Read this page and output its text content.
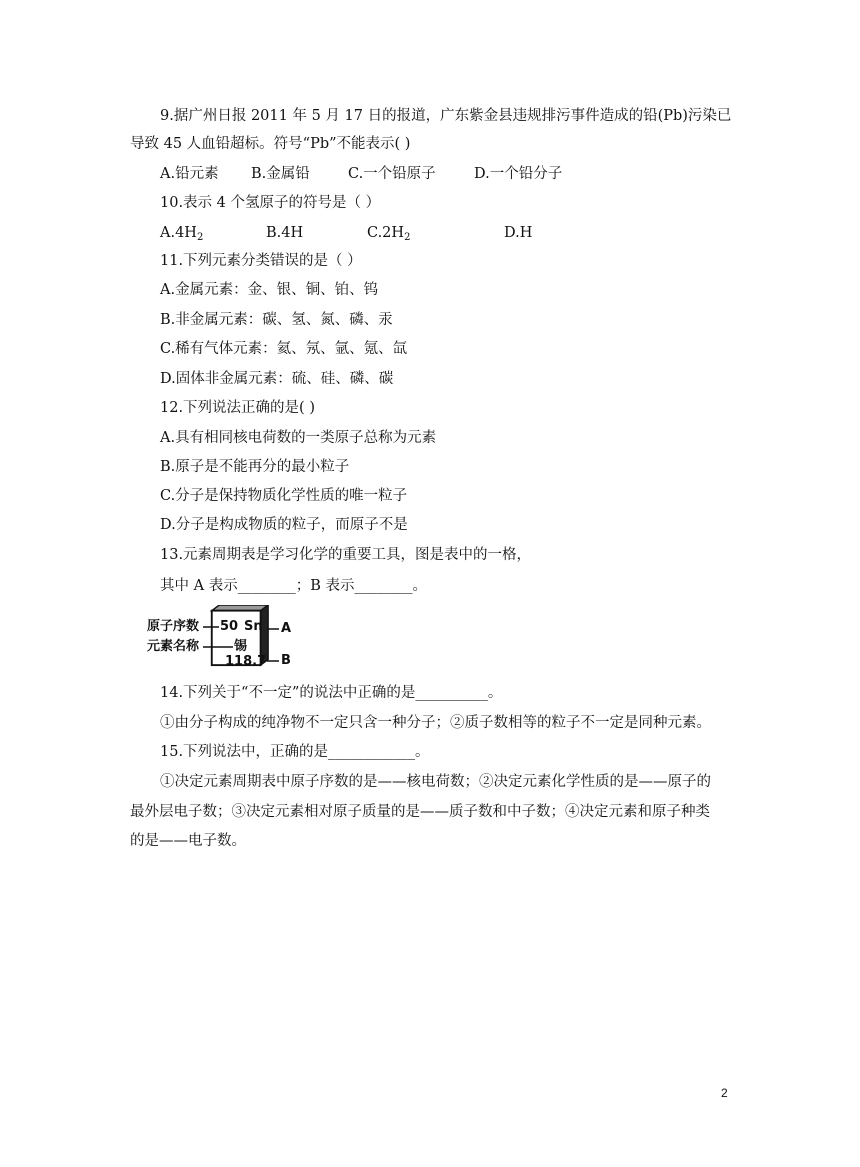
9.据广州日报 2011 年 5 月 17 日的报道，广东紫金县违规排污事件造成的铅(Pb)污染已
导致 45 人血铅超标。符号“Pb”不能表示( )
A.铅元素 B.金属铅	C.一个铅原子	D.一个铅分子
10.表示 4 个氢原子的符号是（ ）
$A.4H_2$	B.4H	$C.2H_2$	D.H
11.下列元素分类错误的是（ ）
A.金属元素：金、银、铜、铂、钨
B.非金属元素：碳、氢、氮、磷、汞
C.稀有气体元素：氦、氖、氩、氪、氙
D.固体非金属元素：硫、硅、磷、碳
12.下列说法正确的是( )
A.具有相同核电荷数的一类原子总称为元素
B.原子是不能再分的最小粒子
C.分子是保持物质化学性质的唯一粒子
D.分子是构成物质的粒子，而原子不是
13.元素周期表是学习化学的重要工具，图是表中的一格，
其中 A 表示________；B 表示________。
原子序数
元素名称
50 Sn
锡
118.7
A
B
14.下列关于“不一定”的说法中正确的是__________。
①由分子构成的纯净物不一定只含一种分子；②质子数相等的粒子不一定是同种元素。
15.下列说法中，正确的是____________。
①决定元素周期表中原子序数的是——核电荷数；②决定元素化学性质的是——原子的
最外层电子数；③决定元素相对原子质量的是——质子数和中子数；④决定元素和原子种类
的是——电子数。
2
